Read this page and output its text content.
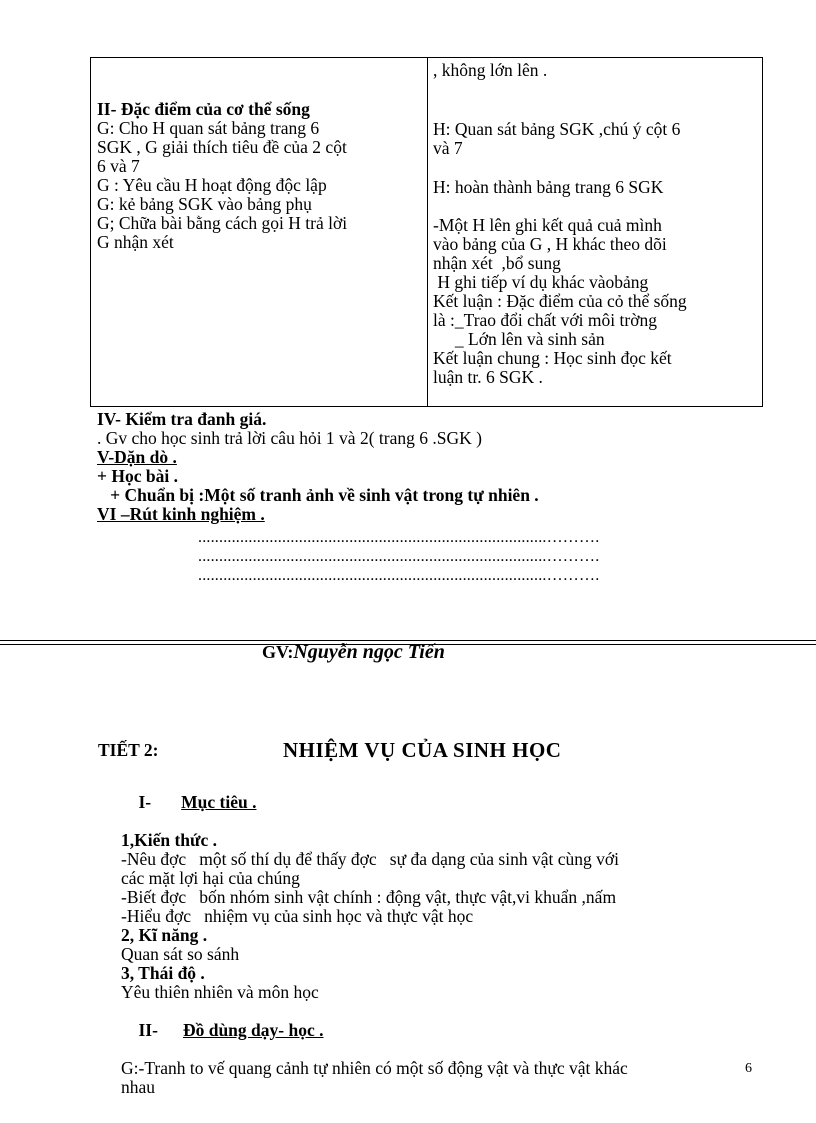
II- Đặc điểm của cơ thể sống
G: Cho H quan sát bảng trang 6
SGK , G giải thích tiêu đề của 2 cột
6 và 7
G : Yêu cầu H hoạt động độc lập
G: kẻ bảng SGK vào bảng phụ
G; Chữa bài bằng cách gọi H trả lời
G nhận xét
, không lớn lên .
H: Quan sát bảng SGK ,chú ý cột 6
và 7
H: hoàn thành bảng trang 6 SGK
-Một H lên ghi kết quả cuả mình
vào bảng của G , H khác theo dõi
nhận xét  ,bổ sung
H ghi tiếp ví dụ khác vàobảng
Kết luận : Đặc điểm của cỏ thể sống
là :_Trao đổi chất với môi trờng
_ Lớn lên và sinh sản
Kết luận chung : Học sinh đọc kết
luận tr. 6 SGK .
IV- Kiểm tra đanh giá.
. Gv cho học sinh trả lời câu hỏi 1 và 2( trang 6 .SGK )
V-Dặn dò .
+ Học bài .
+ Chuẩn bị :Một số tranh ảnh về sinh vật trong tự nhiên .
VI –Rút kinh nghiệm .
...................................................................................……….
...................................................................................……….
...................................................................................……….
GV:Nguyễn ngọc Tiến
TIẾT 2:	NHIỆM VỤ CỦA SINH HỌC

I- Mục tiêu .

1,Kiến thức .
-Nêu đợc   một số thí dụ để thấy đợc   sự đa dạng của sinh vật cùng với
các mặt lợi hại của chúng
-Biết đợc   bốn nhóm sinh vật chính : động vật, thực vật,vi khuẩn ,nấm
-Hiểu đợc   nhiệm vụ của sinh học và thực vật học
2, Kĩ năng .
Quan sát so sánh
3, Thái độ .
Yêu thiên nhiên và môn học

II- Đồ dùng dạy- học .

G:-Tranh to vế quang cảnh tự nhiên có một số động vật và thực vật khác
nhau
6
